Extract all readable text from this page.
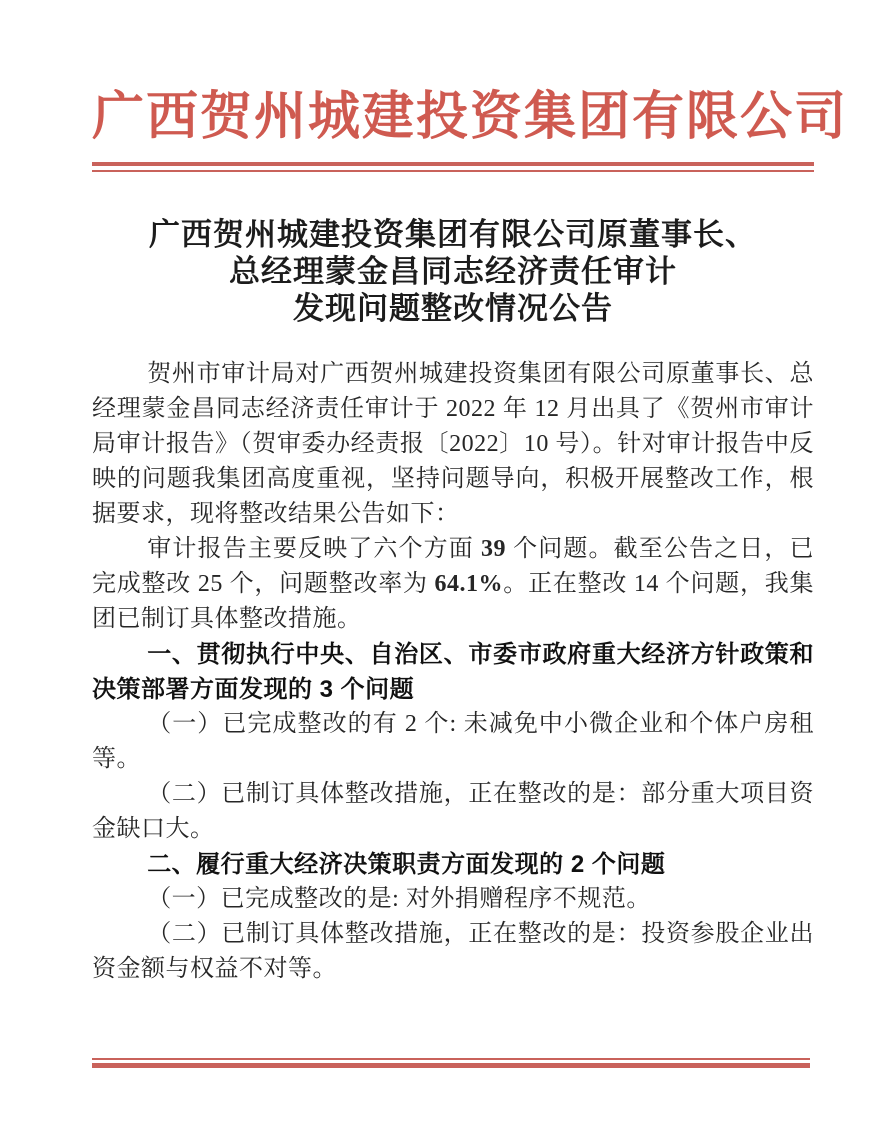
广西贺州城建投资集团有限公司
广西贺州城建投资集团有限公司原董事长、
总经理蒙金昌同志经济责任审计
发现问题整改情况公告

贺州市审计局对广西贺州城建投资集团有限公司原董事长、总经理蒙金昌同志经济责任审计于 2022 年 12 月出具了《贺州市审计局审计报告》（贺审委办经责报〔2022〕10 号）。针对审计报告中反映的问题我集团高度重视，坚持问题导向，积极开展整改工作，根据要求，现将整改结果公告如下：

审计报告主要反映了六个方面 39 个问题。截至公告之日，已完成整改 25 个，问题整改率为 64.1%。正在整改 14 个问题，我集团已制订具体整改措施。

一、贯彻执行中央、自治区、市委市政府重大经济方针政策和决策部署方面发现的 3 个问题

（一）已完成整改的有 2 个: 未减免中小微企业和个体户房租等。

（二）已制订具体整改措施，正在整改的是：部分重大项目资金缺口大。

二、履行重大经济决策职责方面发现的 2 个问题

（一）已完成整改的是: 对外捐赠程序不规范。

（二）已制订具体整改措施，正在整改的是：投资参股企业出资金额与权益不对等。
